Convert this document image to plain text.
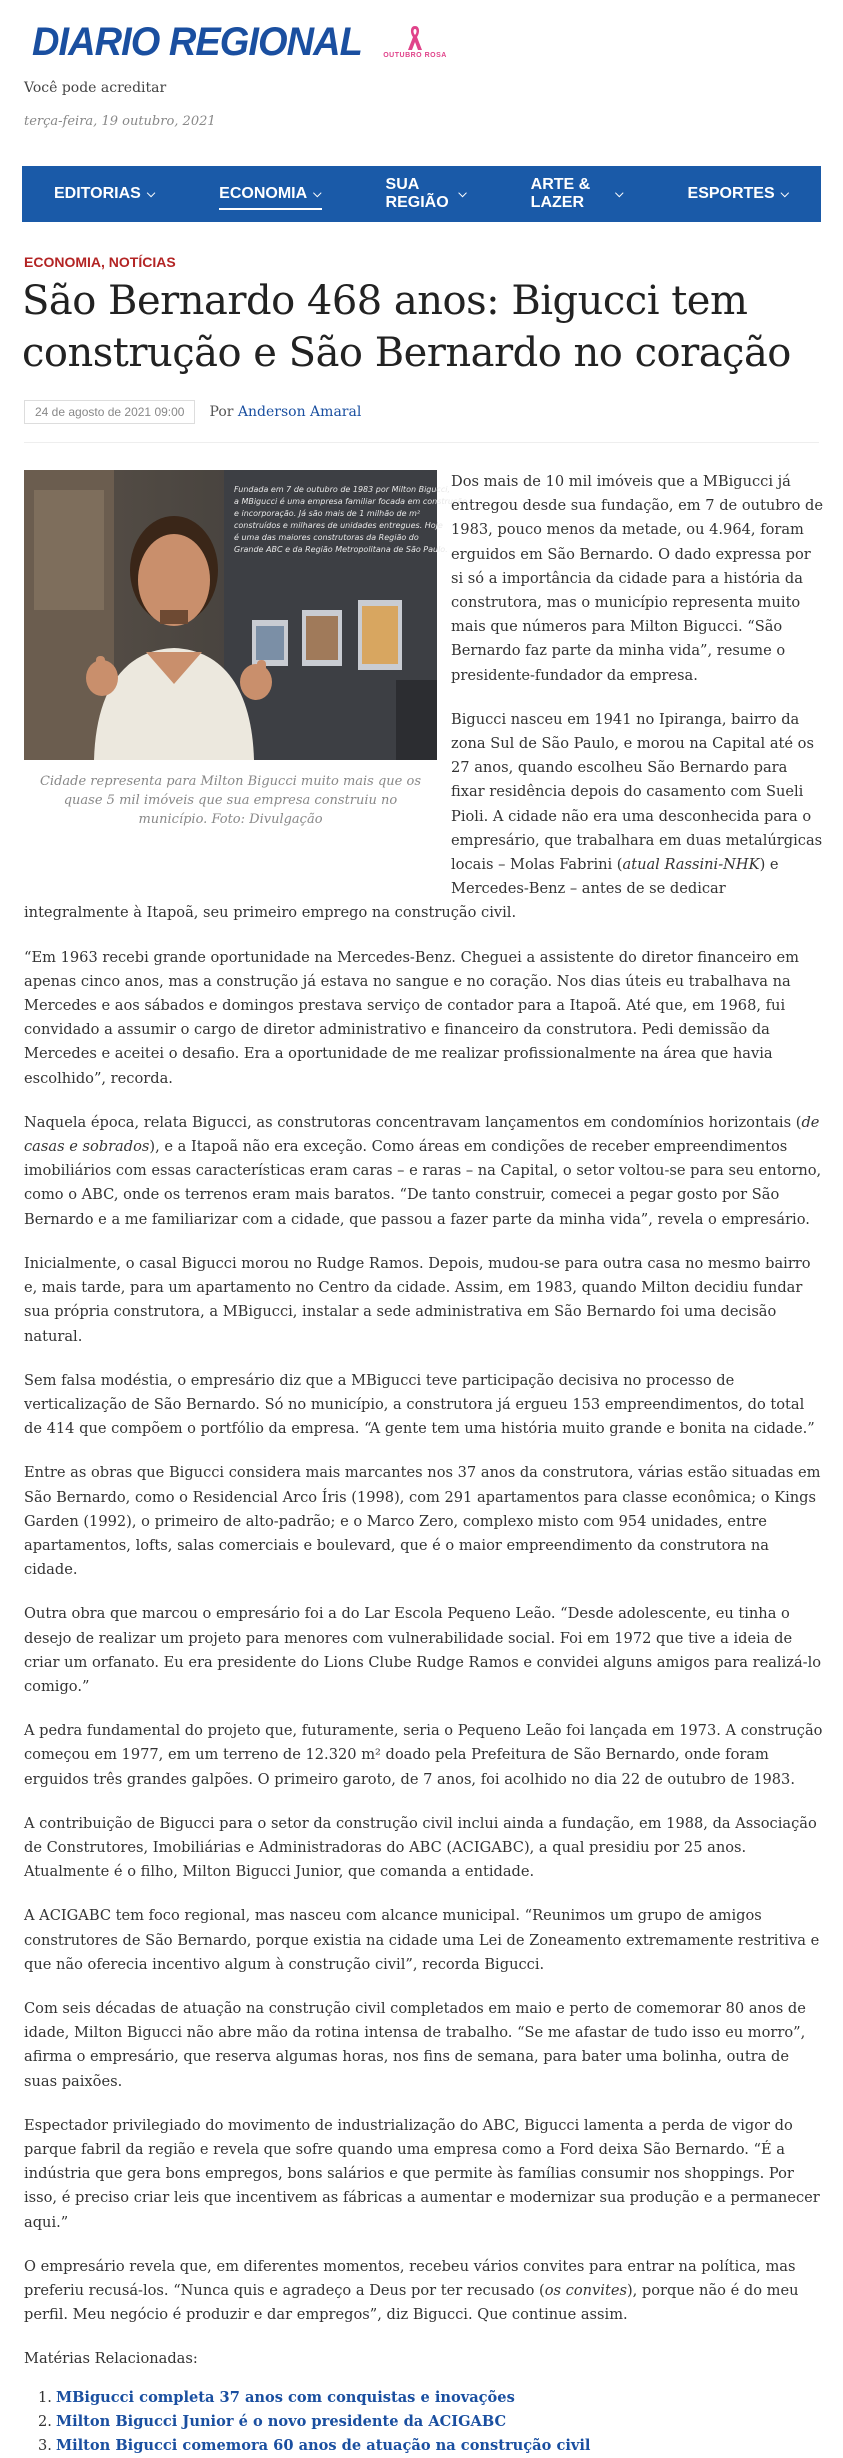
DIARIO REGIONAL	OUTUBRO ROSA
Você pode acreditar
terça-feira, 19 outubro, 2021
EDITORIAS ⌵	ECONOMIA ⌵
SUA REGIÃO
⌵
ARTE & LAZER
⌵	ESPORTES ⌵
ECONOMIA, NOTÍCIAS
São Bernardo 468 anos: Bigucci tem construção e São Bernardo no coração
24 de agosto de 2021 09:00	Por Anderson Amaral
Fundada em 7 de outubro de 1983 por Milton Bigucci,
a MBigucci é uma empresa familiar focada em construção
e incorporação. Já são mais de 1 milhão de m²
construídos e milhares de unidades entregues. Hoje
é uma das maiores construtoras da Região do
Grande ABC e da Região Metropolitana de São Paulo.
Cidade representa para Milton Bigucci muito mais que os quase 5 mil imóveis que sua empresa construiu no município. Foto: Divulgação

Dos mais de 10 mil imóveis que a MBigucci já entregou desde sua fundação, em 7 de outubro de 1983, pouco menos da metade, ou 4.964, foram erguidos em São Bernardo. O dado expressa por si só a importância da cidade para a história da construtora, mas o município representa muito mais que números para Milton Bigucci. “São Bernardo faz parte da minha vida”, resume o presidente-fundador da empresa.

Bigucci nasceu em 1941 no Ipiranga, bairro da zona Sul de São Paulo, e morou na Capital até os 27 anos, quando escolheu São Bernardo para fixar residência depois do casamento com Sueli Pioli. A cidade não era uma desconhecida para o empresário, que trabalhara em duas metalúrgicas locais – Molas Fabrini (atual Rassini-NHK) e Mercedes-Benz – antes de se dedicar

integralmente à Itapoã, seu primeiro emprego na construção civil.

“Em 1963 recebi grande oportunidade na Mercedes-Benz. Cheguei a assistente do diretor financeiro em apenas cinco anos, mas a construção já estava no sangue e no coração. Nos dias úteis eu trabalhava na Mercedes e aos sábados e domingos prestava serviço de contador para a Itapoã. Até que, em 1968, fui convidado a assumir o cargo de diretor administrativo e financeiro da construtora. Pedi demissão da Mercedes e aceitei o desafio. Era a oportunidade de me realizar profissionalmente na área que havia escolhido”, recorda.

Naquela época, relata Bigucci, as construtoras concentravam lançamentos em condomínios horizontais (de casas e sobrados), e a Itapoã não era exceção. Como áreas em condições de receber empreendimentos imobiliários com essas características eram caras – e raras – na Capital, o setor voltou-se para seu entorno, como o ABC, onde os terrenos eram mais baratos. “De tanto construir, comecei a pegar gosto por São Bernardo e a me familiarizar com a cidade, que passou a fazer parte da minha vida”, revela o empresário.

Inicialmente, o casal Bigucci morou no Rudge Ramos. Depois, mudou-se para outra casa no mesmo bairro e, mais tarde, para um apartamento no Centro da cidade. Assim, em 1983, quando Milton decidiu fundar sua própria construtora, a MBigucci, instalar a sede administrativa em São Bernardo foi uma decisão natural.

Sem falsa modéstia, o empresário diz que a MBigucci teve participação decisiva no processo de verticalização de São Bernardo. Só no município, a construtora já ergueu 153 empreendimentos, do total de 414 que compõem o portfólio da empresa. “A gente tem uma história muito grande e bonita na cidade.”

Entre as obras que Bigucci considera mais marcantes nos 37 anos da construtora, várias estão situadas em São Bernardo, como o Residencial Arco Íris (1998), com 291 apartamentos para classe econômica; o Kings Garden (1992), o primeiro de alto-padrão; e o Marco Zero, complexo misto com 954 unidades, entre apartamentos, lofts, salas comerciais e boulevard, que é o maior empreendimento da construtora na cidade.

Outra obra que marcou o empresário foi a do Lar Escola Pequeno Leão. “Desde adolescente, eu tinha o desejo de realizar um projeto para menores com vulnerabilidade social. Foi em 1972 que tive a ideia de criar um orfanato. Eu era presidente do Lions Clube Rudge Ramos e convidei alguns amigos para realizá-lo comigo.”

A pedra fundamental do projeto que, futuramente, seria o Pequeno Leão foi lançada em 1973. A construção começou em 1977, em um terreno de 12.320 m² doado pela Prefeitura de São Bernardo, onde foram erguidos três grandes galpões. O primeiro garoto, de 7 anos, foi acolhido no dia 22 de outubro de 1983.

A contribuição de Bigucci para o setor da construção civil inclui ainda a fundação, em 1988, da Associação de Construtores, Imobiliárias e Administradoras do ABC (ACIGABC), a qual presidiu por 25 anos. Atualmente é o filho, Milton Bigucci Junior, que comanda a entidade.

A ACIGABC tem foco regional, mas nasceu com alcance municipal. “Reunimos um grupo de amigos construtores de São Bernardo, porque existia na cidade uma Lei de Zoneamento extremamente restritiva e que não oferecia incentivo algum à construção civil”, recorda Bigucci.

Com seis décadas de atuação na construção civil completados em maio e perto de comemorar 80 anos de idade, Milton Bigucci não abre mão da rotina intensa de trabalho. “Se me afastar de tudo isso eu morro”, afirma o empresário, que reserva algumas horas, nos fins de semana, para bater uma bolinha, outra de suas paixões.

Espectador privilegiado do movimento de industrialização do ABC, Bigucci lamenta a perda de vigor do parque fabril da região e revela que sofre quando uma empresa como a Ford deixa São Bernardo. “É a indústria que gera bons empregos, bons salários e que permite às famílias consumir nos shoppings. Por isso, é preciso criar leis que incentivem as fábricas a aumentar e modernizar sua produção e a permanecer aqui.”

O empresário revela que, em diferentes momentos, recebeu vários convites para entrar na política, mas preferiu recusá-los. “Nunca quis e agradeço a Deus por ter recusado (os convites), porque não é do meu perfil. Meu negócio é produzir e dar empregos”, diz Bigucci. Que continue assim.

Matérias Relacionadas:

1. MBigucci completa 37 anos com conquistas e inovações
2. Milton Bigucci Junior é o novo presidente da ACIGABC
3. Milton Bigucci comemora 60 anos de atuação na construção civil
